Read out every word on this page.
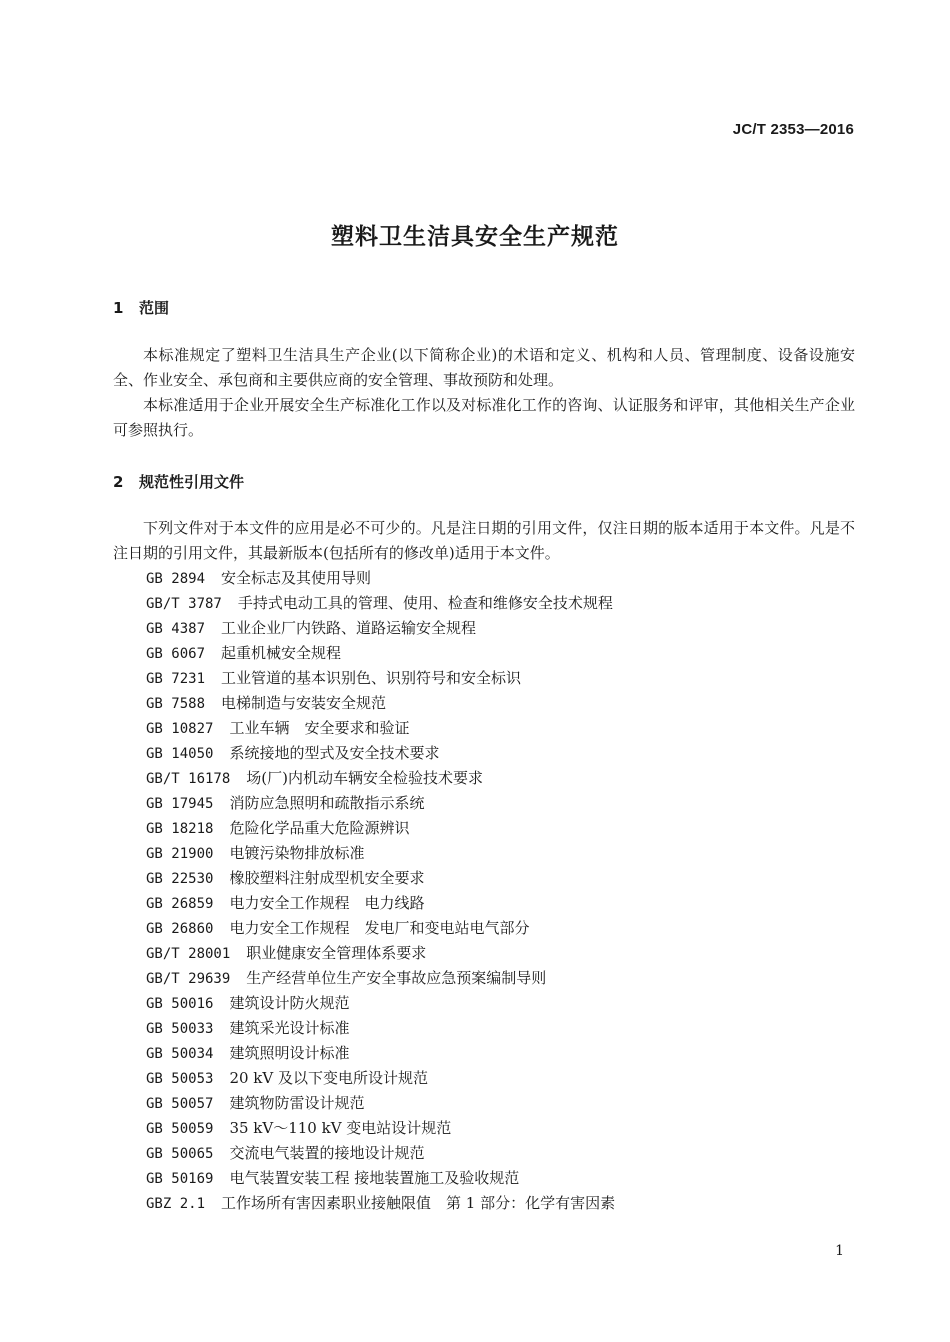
JC/T 2353—2016
塑料卫生洁具安全生产规范
1 范围

本标准规定了塑料卫生洁具生产企业(以下简称企业)的术语和定义、机构和人员、管理制度、设备设施安全、作业安全、承包商和主要供应商的安全管理、事故预防和处理。

本标准适用于企业开展安全生产标准化工作以及对标准化工作的咨询、认证服务和评审，其他相关生产企业可参照执行。

2 规范性引用文件

下列文件对于本文件的应用是必不可少的。凡是注日期的引用文件，仅注日期的版本适用于本文件。凡是不注日期的引用文件，其最新版本(包括所有的修改单)适用于本文件。

GB 2894 安全标志及其使用导则
GB/T 3787 手持式电动工具的管理、使用、检查和维修安全技术规程
GB 4387 工业企业厂内铁路、道路运输安全规程
GB 6067 起重机械安全规程
GB 7231 工业管道的基本识别色、识别符号和安全标识
GB 7588 电梯制造与安装安全规范
GB 10827 工业车辆　安全要求和验证
GB 14050 系统接地的型式及安全技术要求
GB/T 16178 场(厂)内机动车辆安全检验技术要求
GB 17945 消防应急照明和疏散指示系统
GB 18218 危险化学品重大危险源辨识
GB 21900 电镀污染物排放标准
GB 22530 橡胶塑料注射成型机安全要求
GB 26859 电力安全工作规程　电力线路
GB 26860 电力安全工作规程　发电厂和变电站电气部分
GB/T 28001 职业健康安全管理体系要求
GB/T 29639 生产经营单位生产安全事故应急预案编制导则
GB 50016 建筑设计防火规范
GB 50033 建筑采光设计标准
GB 50034 建筑照明设计标准
GB 50053 20 kV 及以下变电所设计规范
GB 50057 建筑物防雷设计规范
GB 50059 35 kV～110 kV 变电站设计规范
GB 50065 交流电气装置的接地设计规范
GB 50169 电气装置安装工程 接地装置施工及验收规范
GBZ 2.1 工作场所有害因素职业接触限值　第 1 部分：化学有害因素
1
